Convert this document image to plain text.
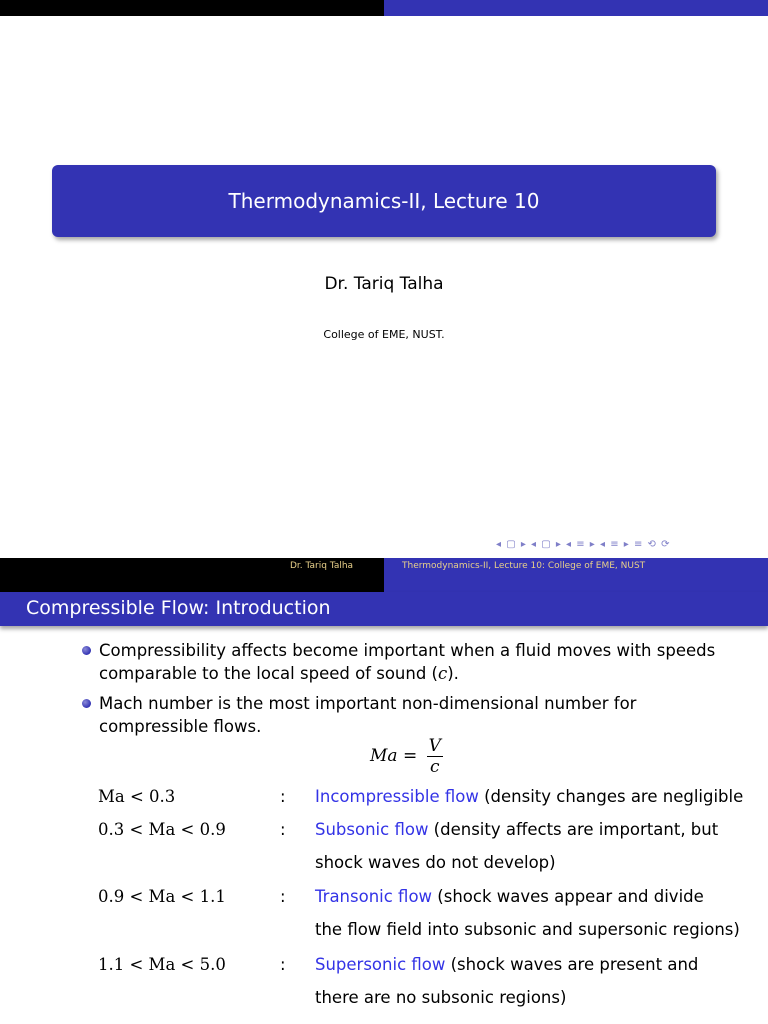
Thermodynamics-II, Lecture 10
Dr. Tariq Talha
College of EME, NUST.
◂ ▢ ▸ ◂ ▢ ▸ ◂ ≡ ▸ ◂ ≡ ▸ ≡ ⟲ ⟳
Dr. Tariq Talha	Thermodynamics-II, Lecture 10: College of EME, NUST
Compressible Flow: Introduction
Compressibility affects become important when a fluid moves with speeds
comparable to the local speed of sound (c).
Mach number is the most important non-dimensional number for
compressible flows.
$Ma = \frac{V}{c}$
Ma < 0.3	: Incompressible flow (density changes are negligible
0.3 < Ma < 0.9	: Subsonic flow (density affects are important, but
shock waves do not develop)
0.9 < Ma < 1.1	: Transonic flow (shock waves appear and divide
the flow field into subsonic and supersonic regions)
1.1 < Ma < 5.0	: Supersonic flow (shock waves are present and
there are no subsonic regions)
